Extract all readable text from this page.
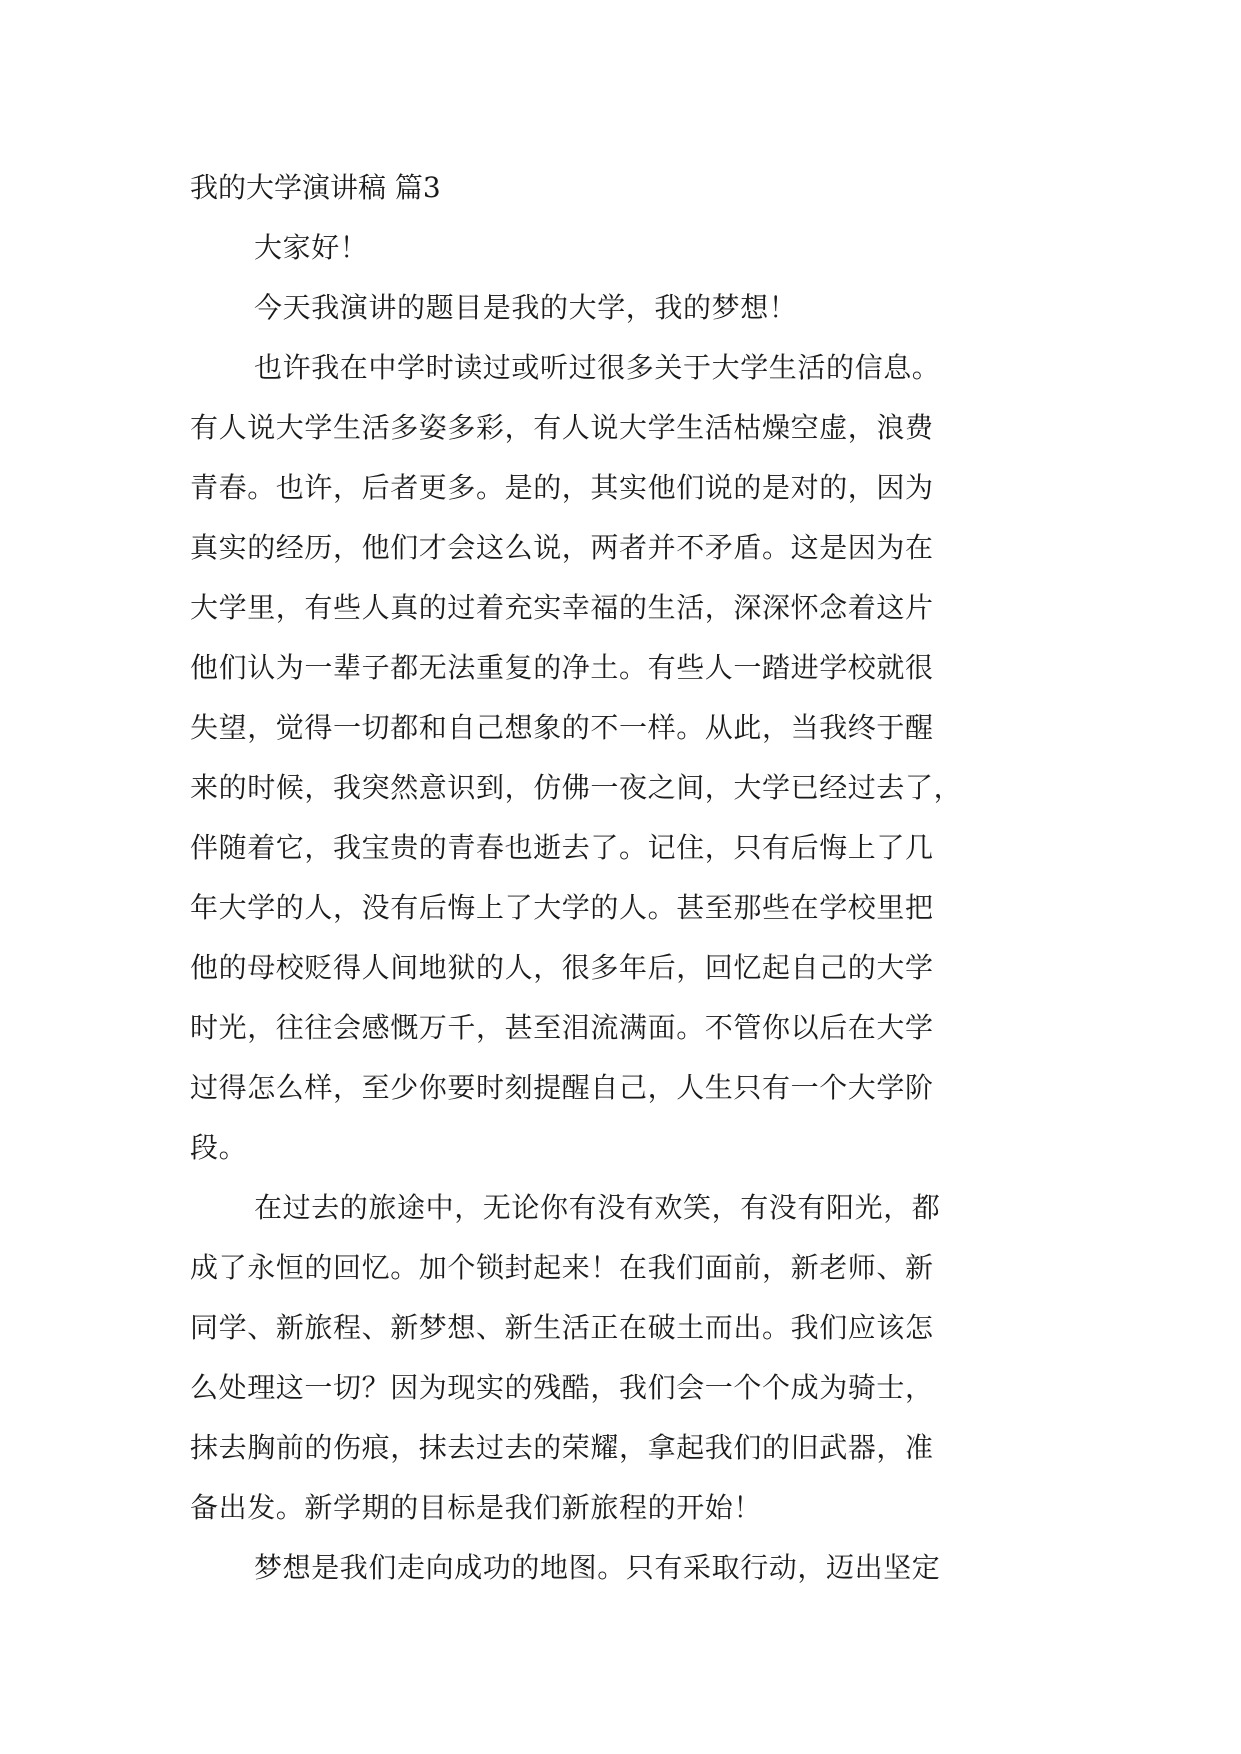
我的大学演讲稿 篇3
大家好！
今天我演讲的题目是我的大学，我的梦想！
也许我在中学时读过或听过很多关于大学生活的信息。
有人说大学生活多姿多彩，有人说大学生活枯燥空虚，浪费
青春。也许，后者更多。是的，其实他们说的是对的，因为
真实的经历，他们才会这么说，两者并不矛盾。这是因为在
大学里，有些人真的过着充实幸福的生活，深深怀念着这片
他们认为一辈子都无法重复的净土。有些人一踏进学校就很
失望，觉得一切都和自己想象的不一样。从此，当我终于醒
来的时候，我突然意识到，仿佛一夜之间，大学已经过去了，
伴随着它，我宝贵的青春也逝去了。记住，只有后悔上了几
年大学的人，没有后悔上了大学的人。甚至那些在学校里把
他的母校贬得人间地狱的人，很多年后，回忆起自己的大学
时光，往往会感慨万千，甚至泪流满面。不管你以后在大学
过得怎么样，至少你要时刻提醒自己，人生只有一个大学阶
段。
在过去的旅途中，无论你有没有欢笑，有没有阳光，都
成了永恒的回忆。加个锁封起来！在我们面前，新老师、新
同学、新旅程、新梦想、新生活正在破土而出。我们应该怎
么处理这一切？因为现实的残酷，我们会一个个成为骑士，
抹去胸前的伤痕，抹去过去的荣耀，拿起我们的旧武器，准
备出发。新学期的目标是我们新旅程的开始！
梦想是我们走向成功的地图。只有采取行动，迈出坚定
